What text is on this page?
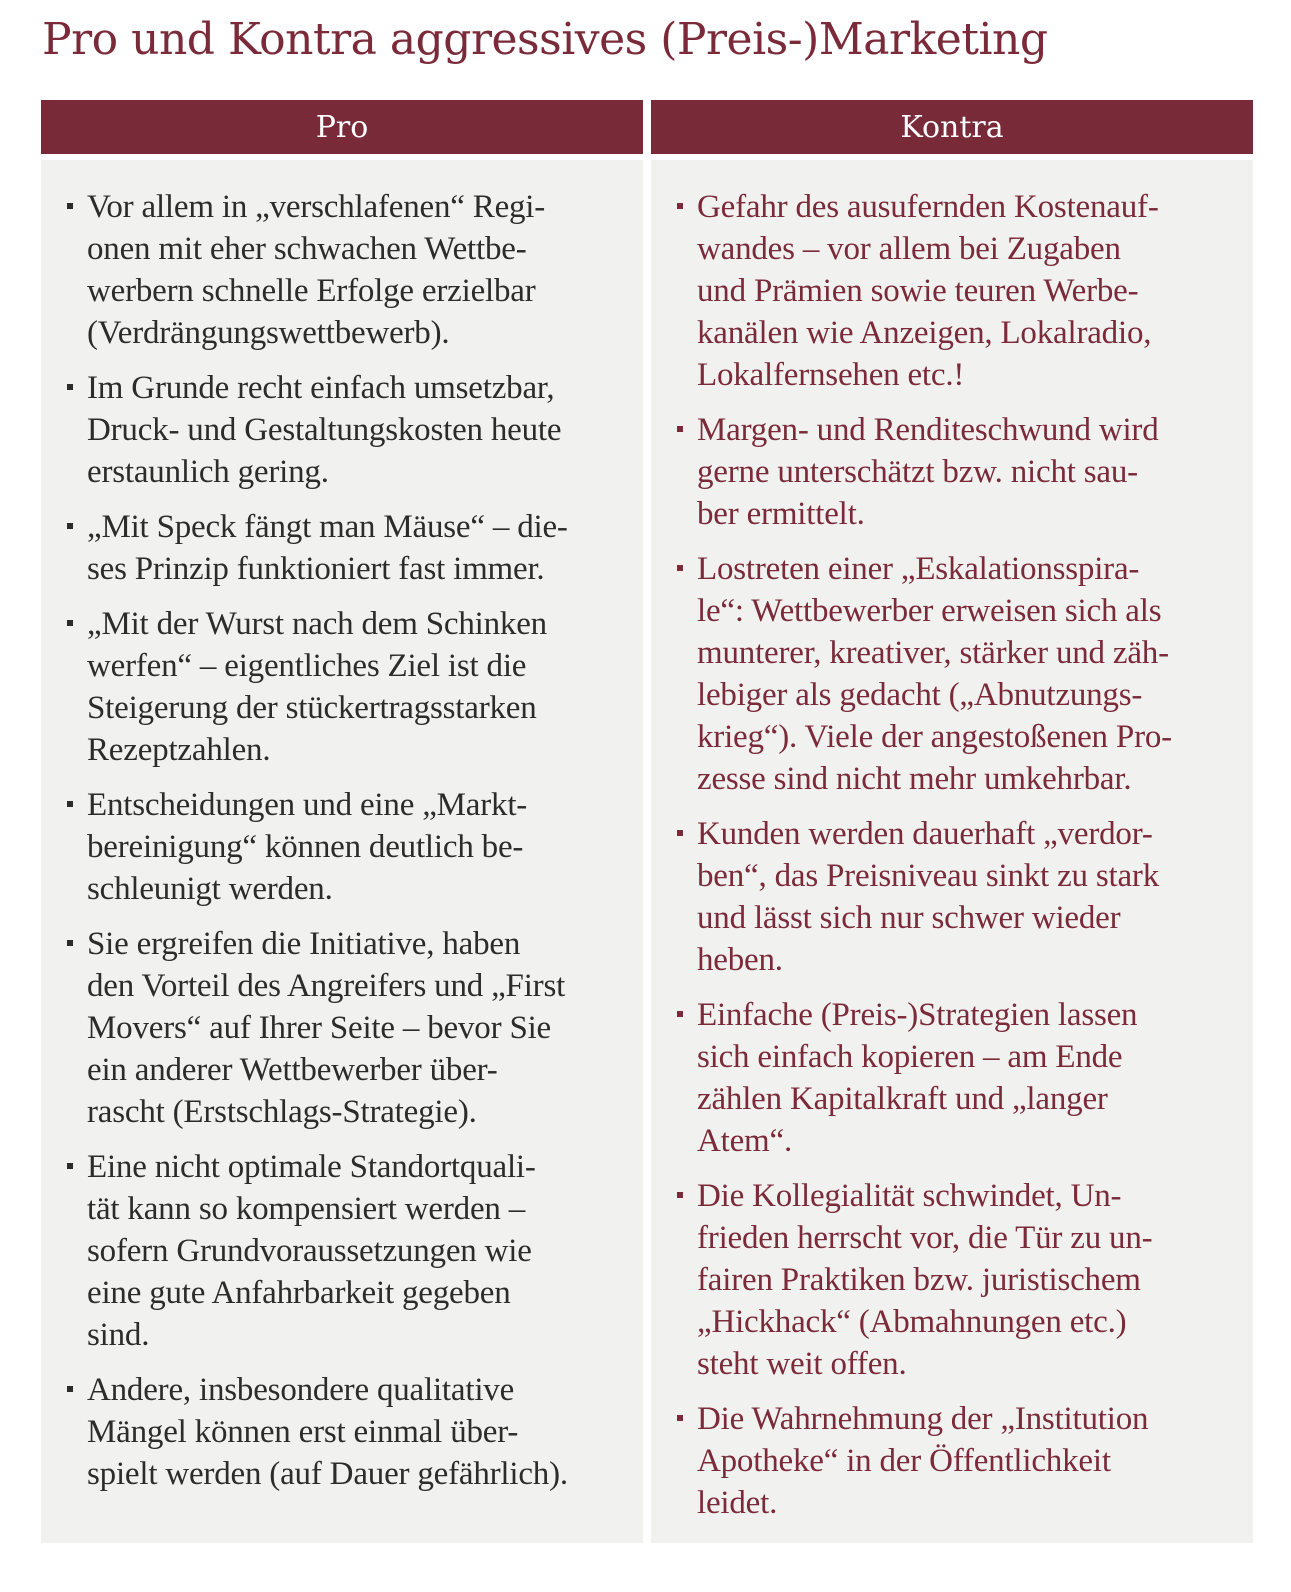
Pro und Kontra aggressives (Preis-)Marketing
Pro
Vor allem in „verschlafenen“ Regi-
onen mit eher schwachen Wettbe-
werbern schnelle Erfolge erzielbar
(Verdrängungswettbewerb).
Im Grunde recht einfach umsetzbar,
Druck- und Gestaltungskosten heute
erstaunlich gering.
„Mit Speck fängt man Mäuse“ – die-
ses Prinzip funktioniert fast immer.
„Mit der Wurst nach dem Schinken
werfen“ – eigentliches Ziel ist die
Steigerung der stückertragsstarken
Rezeptzahlen.
Entscheidungen und eine „Markt-
bereinigung“ können deutlich be-
schleunigt werden.
Sie ergreifen die Initiative, haben
den Vorteil des Angreifers und „First
Movers“ auf Ihrer Seite – bevor Sie
ein anderer Wettbewerber über-
rascht (Erstschlags-Strategie).
Eine nicht optimale Standortquali-
tät kann so kompensiert werden –
sofern Grundvoraussetzungen wie
eine gute Anfahrbarkeit gegeben
sind.
Andere, insbesondere qualitative
Mängel können erst einmal über-
spielt werden (auf Dauer gefährlich).
Kontra
Gefahr des ausufernden Kostenauf-
wandes – vor allem bei Zugaben
und Prämien sowie teuren Werbe-
kanälen wie Anzeigen, Lokalradio,
Lokalfernsehen etc.!
Margen- und Renditeschwund wird
gerne unterschätzt bzw. nicht sau-
ber ermittelt.
Lostreten einer „Eskalationsspira-
le“: Wettbewerber erweisen sich als
munterer, kreativer, stärker und zäh-
lebiger als gedacht („Abnutzungs-
krieg“). Viele der angestoßenen Pro-
zesse sind nicht mehr umkehrbar.
Kunden werden dauerhaft „verdor-
ben“, das Preisniveau sinkt zu stark
und lässt sich nur schwer wieder
heben.
Einfache (Preis-)Strategien lassen
sich einfach kopieren – am Ende
zählen Kapitalkraft und „langer
Atem“.
Die Kollegialität schwindet, Un-
frieden herrscht vor, die Tür zu un-
fairen Praktiken bzw. juristischem
„Hickhack“ (Abmahnungen etc.)
steht weit offen.
Die Wahrnehmung der „Institution
Apotheke“ in der Öffentlichkeit
leidet.
